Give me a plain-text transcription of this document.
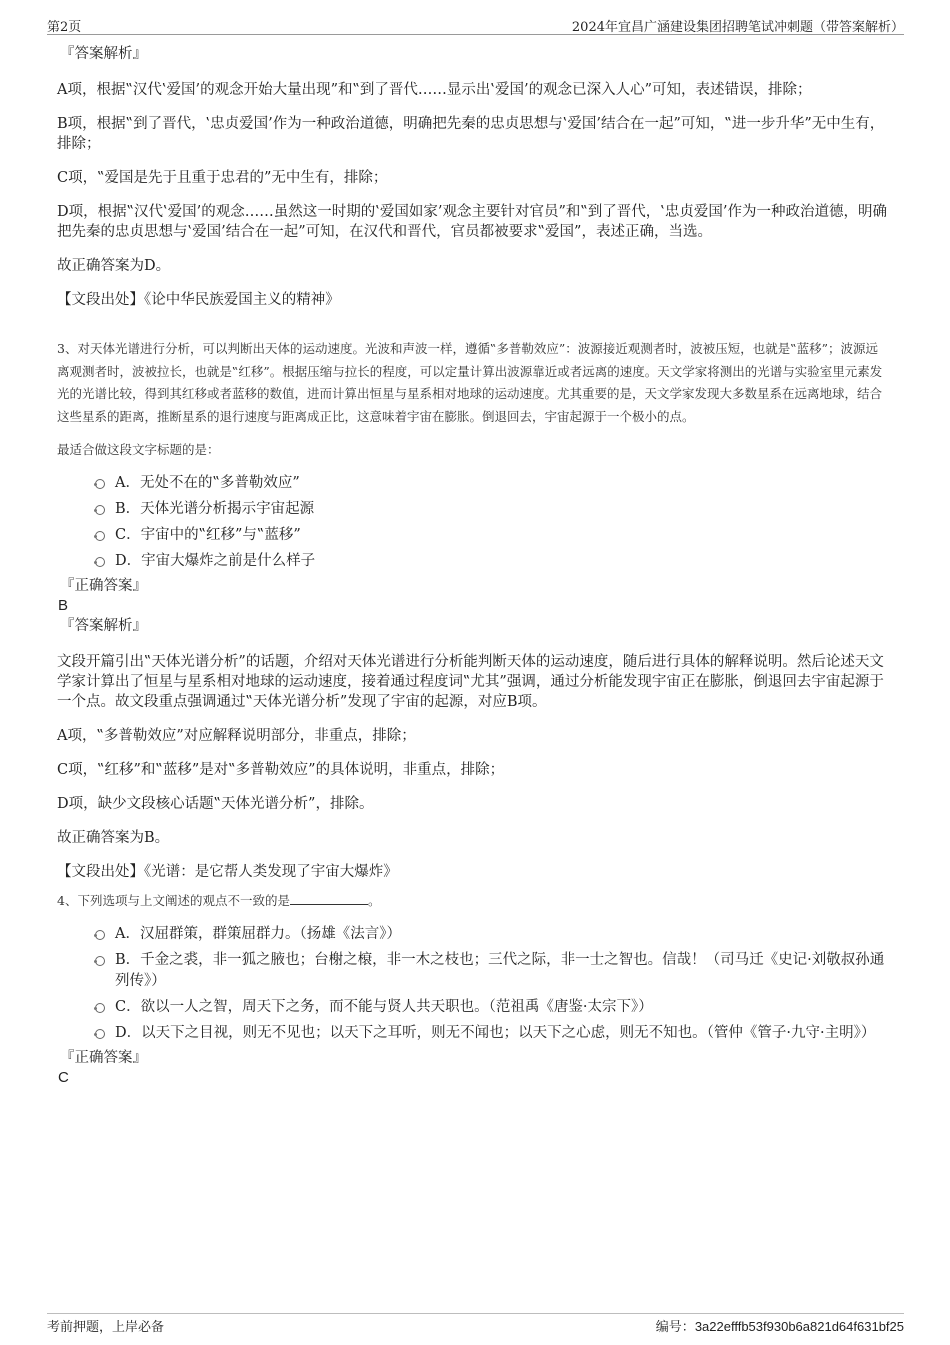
第2页	2024年宜昌广涵建设集团招聘笔试冲刺题（带答案解析）
『答案解析』

A项，根据‟汉代‛爱国’的观念开始大量出现”和‟到了晋代……显示出‛爱国’的观念已深入人心”可知，表述错误，排除；

B项，根据‟到了晋代，‛忠贞爱国’作为一种政治道德，明确把先秦的忠贞思想与‛爱国’结合在一起”可知，‟进一步升华”无中生有，排除；

C项，‟爱国是先于且重于忠君的”无中生有，排除；

D项，根据‟汉代‛爱国’的观念……虽然这一时期的‛爱国如家’观念主要针对官员”和‟到了晋代，‛忠贞爱国’作为一种政治道德，明确把先秦的忠贞思想与‛爱国’结合在一起”可知，在汉代和晋代，官员都被要求‟爱国”，表述正确，当选。

故正确答案为D。

【文段出处】《论中华民族爱国主义的精神》

3、对天体光谱进行分析，可以判断出天体的运动速度。光波和声波一样，遵循‟多普勒效应”：波源接近观测者时，波被压短，也就是‟蓝移”；波源远离观测者时，波被拉长，也就是‟红移”。根据压缩与拉长的程度，可以定量计算出波源靠近或者远离的速度。天文学家将测出的光谱与实验室里元素发光的光谱比较，得到其红移或者蓝移的数值，进而计算出恒星与星系相对地球的运动速度。尤其重要的是，天文学家发现大多数星系在远离地球，结合这些星系的距离，推断星系的退行速度与距离成正比，这意味着宇宙在膨胀。倒退回去，宇宙起源于一个极小的点。

最适合做这段文字标题的是：

A．无处不在的‟多普勒效应”
B．天体光谱分析揭示宇宙起源
C．宇宙中的‟红移”与‟蓝移”
D．宇宙大爆炸之前是什么样子
『正确答案』
B
『答案解析』

文段开篇引出‟天体光谱分析”的话题，介绍对天体光谱进行分析能判断天体的运动速度，随后进行具体的解释说明。然后论述天文学家计算出了恒星与星系相对地球的运动速度，接着通过程度词‟尤其”强调，通过分析能发现宇宙正在膨胀，倒退回去宇宙起源于一个点。故文段重点强调通过‟天体光谱分析”发现了宇宙的起源，对应B项。

A项，‟多普勒效应”对应解释说明部分，非重点，排除；

C项，‟红移”和‟蓝移”是对‟多普勒效应”的具体说明，非重点，排除；

D项，缺少文段核心话题‟天体光谱分析”，排除。

故正确答案为B。

【文段出处】《光谱：是它帮人类发现了宇宙大爆炸》

4、下列选项与上文阐述的观点不一致的是	。

A．汉屈群策，群策屈群力。（扬雄《法言》）
B．千金之裘，非一狐之腋也；台榭之榱，非一木之枝也；三代之际，非一士之智也。信哉！（司马迁《史记·刘敬叔孙通列传》）
C．欲以一人之智，周天下之务，而不能与贤人共天职也。（范祖禹《唐鉴·太宗下》）
D．以天下之目视，则无不见也；以天下之耳听，则无不闻也；以天下之心虑，则无不知也。（管仲《管子·九守·主明》）
『正确答案』
C
考前押题，上岸必备	编号：3a22efffb53f930b6a821d64f631bf25
